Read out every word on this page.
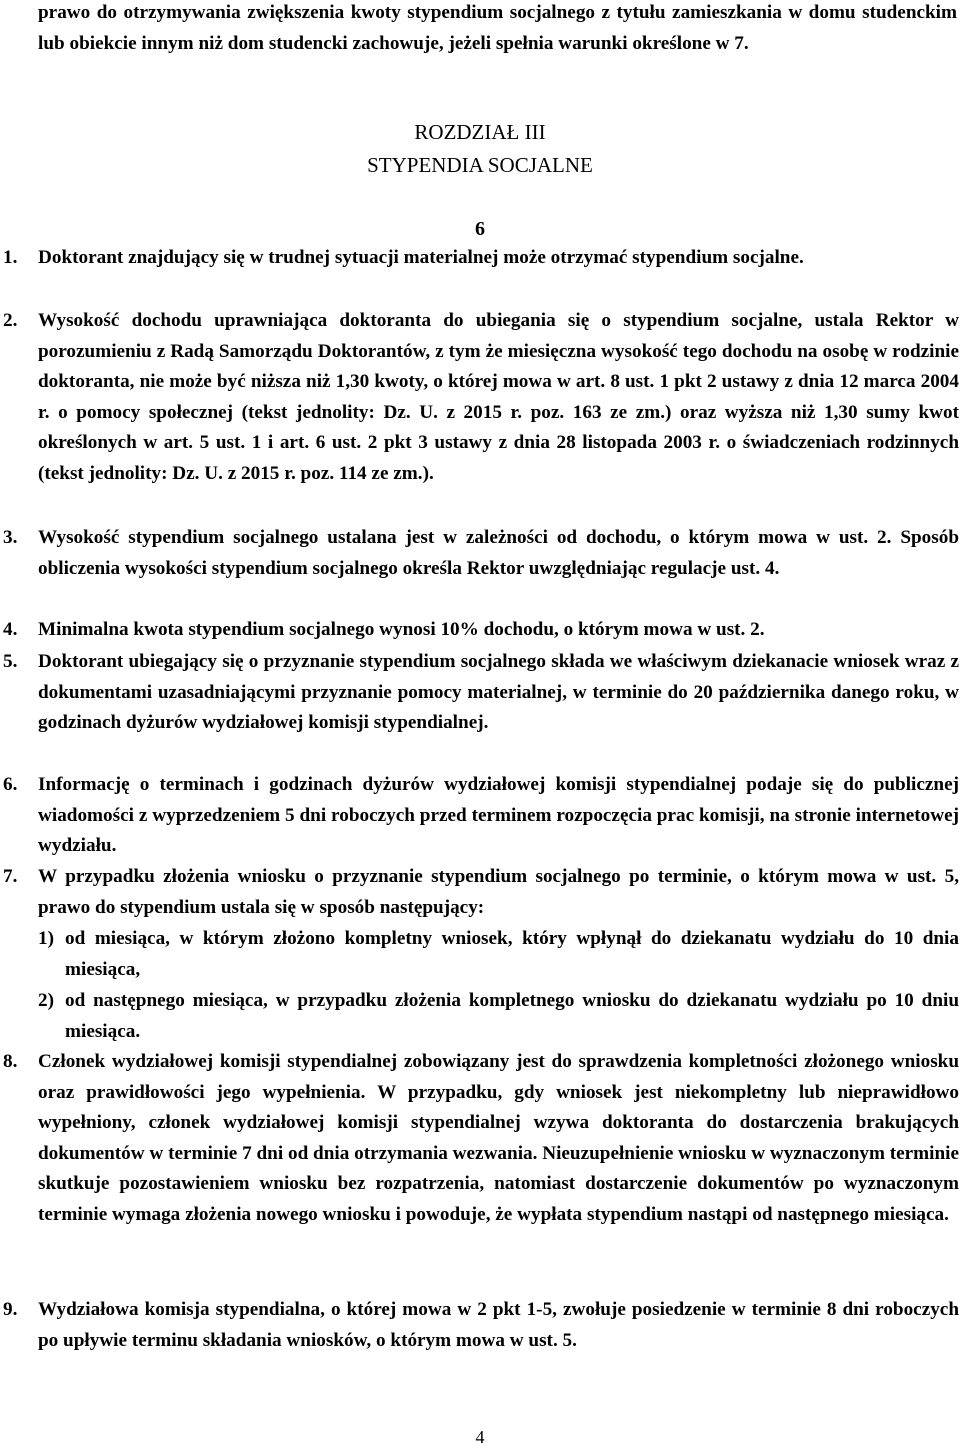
prawo do otrzymywania zwiększenia kwoty stypendium socjalnego z tytułu zamieszkania w domu studenckim lub obiekcie innym niż dom studencki zachowuje, jeżeli spełnia warunki określone w 7.

ROZDZIAŁ III
STYPENDIA SOCJALNE
6
1. Doktorant znajdujący się w trudnej sytuacji materialnej może otrzymać stypendium socjalne.
2. Wysokość dochodu uprawniająca doktoranta do ubiegania się o stypendium socjalne, ustala Rektor w porozumieniu z Radą Samorządu Doktorantów, z tym że miesięczna wysokość tego dochodu na osobę w rodzinie doktoranta, nie może być niższa niż 1,30 kwoty, o której mowa w art. 8 ust. 1 pkt 2 ustawy z dnia 12 marca 2004 r. o pomocy społecznej (tekst jednolity: Dz. U. z 2015 r. poz. 163 ze zm.) oraz wyższa niż 1,30 sumy kwot określonych w art. 5 ust. 1 i art. 6 ust. 2 pkt 3 ustawy z dnia 28 listopada 2003 r. o świadczeniach rodzinnych (tekst jednolity: Dz. U. z 2015 r. poz. 114 ze zm.).
3. Wysokość stypendium socjalnego ustalana jest w zależności od dochodu, o którym mowa w ust. 2. Sposób obliczenia wysokości stypendium socjalnego określa Rektor uwzględniając regulacje ust. 4.
4. Minimalna kwota stypendium socjalnego wynosi 10% dochodu, o którym mowa w ust. 2.
5. Doktorant ubiegający się o przyznanie stypendium socjalnego składa we właściwym dziekanacie wniosek wraz z dokumentami uzasadniającymi przyznanie pomocy materialnej, w terminie do 20 października danego roku, w godzinach dyżurów wydziałowej komisji stypendialnej.
6. Informację o terminach i godzinach dyżurów wydziałowej komisji stypendialnej podaje się do publicznej wiadomości z wyprzedzeniem 5 dni roboczych przed terminem rozpoczęcia prac komisji, na stronie internetowej wydziału.
7. W przypadku złożenia wniosku o przyznanie stypendium socjalnego po terminie, o którym mowa w ust. 5, prawo do stypendium ustala się w sposób następujący:
1) od miesiąca, w którym złożono kompletny wniosek, który wpłynął do dziekanatu wydziału do 10 dnia miesiąca,
2) od następnego miesiąca, w przypadku złożenia kompletnego wniosku do dziekanatu wydziału po 10 dniu miesiąca.
8. Członek wydziałowej komisji stypendialnej zobowiązany jest do sprawdzenia kompletności złożonego wniosku oraz prawidłowości jego wypełnienia. W przypadku, gdy wniosek jest niekompletny lub nieprawidłowo wypełniony, członek wydziałowej komisji stypendialnej wzywa doktoranta do dostarczenia brakujących dokumentów w terminie 7 dni od dnia otrzymania wezwania. Nieuzupełnienie wniosku w wyznaczonym terminie skutkuje pozostawieniem wniosku bez rozpatrzenia, natomiast dostarczenie dokumentów po wyznaczonym terminie wymaga złożenia nowego wniosku i powoduje, że wypłata stypendium nastąpi od następnego miesiąca.
9. Wydziałowa komisja stypendialna, o której mowa w 2 pkt 1-5, zwołuje posiedzenie w terminie 8 dni roboczych po upływie terminu składania wniosków, o którym mowa w ust. 5.
4
